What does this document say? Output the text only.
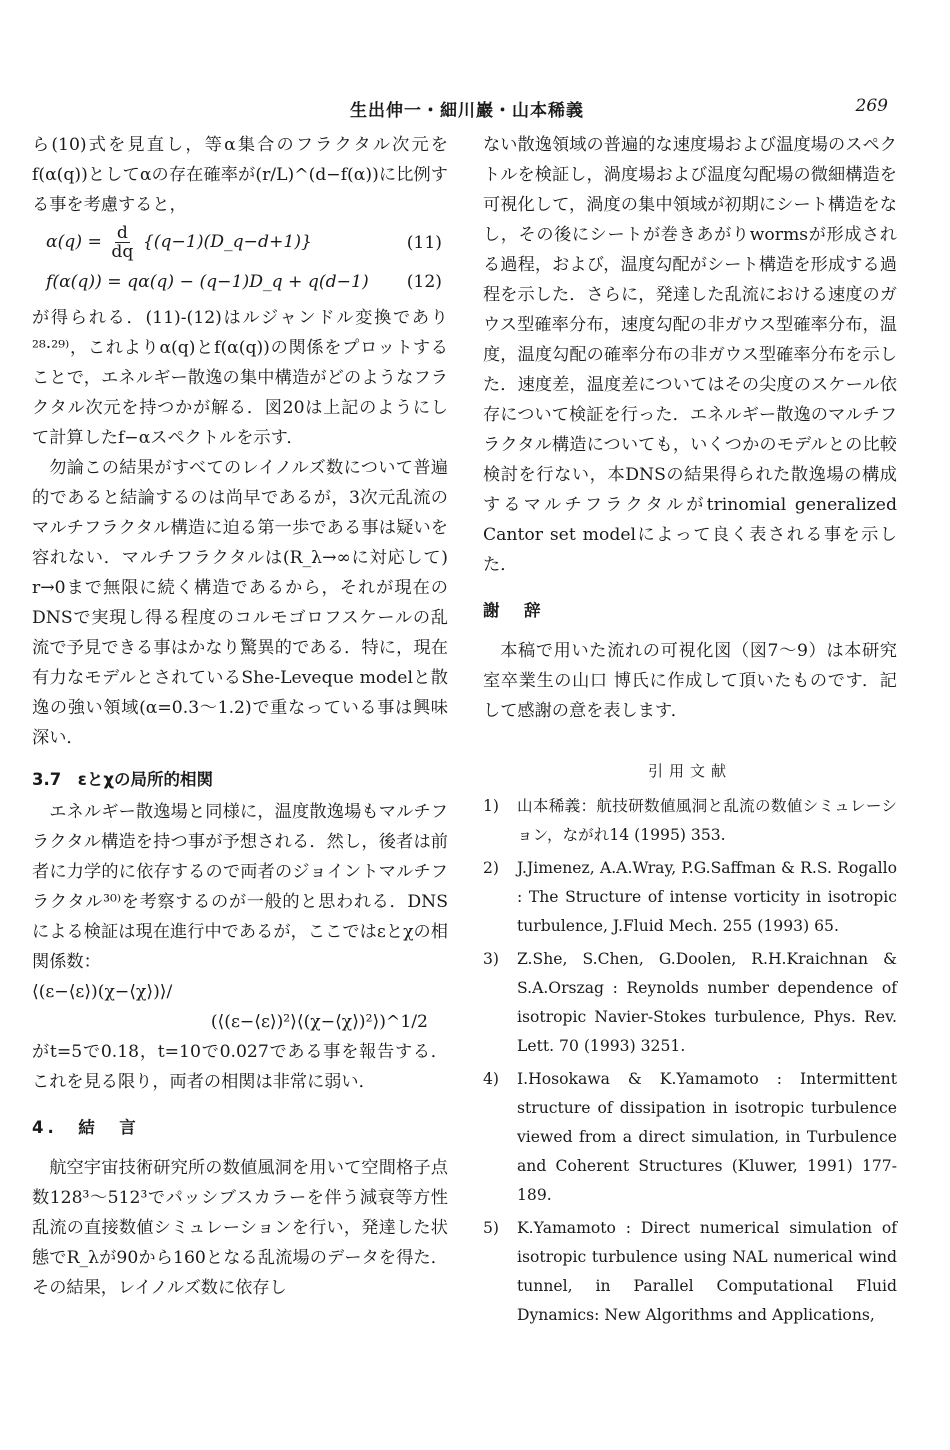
生出伸一・細川巖・山本稀義	269

ら(10)式を見直し，等α集合のフラクタル次元をf(α(q))としてαの存在確率が(r/L)^(d−f(α))に比例する事を考慮すると，

$\alpha(q) = \frac{d}{dq}$ {(q−1)(D_q−d+1)}	(11)
f(α(q)) = qα(q) − (q−1)D_q + q(d−1) (12)

が得られる．(11)-(12)はルジャンドル変換であり²⁸·²⁹⁾，これよりα(q)とf(α(q))の関係をプロットすることで，エネルギー散逸の集中構造がどのようなフラクタル次元を持つかが解る．図20は上記のようにして計算したf−αスペクトルを示す．

勿論この結果がすべてのレイノルズ数について普遍的であると結論するのは尚早であるが，3次元乱流のマルチフラクタル構造に迫る第一歩である事は疑いを容れない．マルチフラクタルは(R_λ→∞に対応して) r→0まで無限に続く構造であるから，それが現在のDNSで実現し得る程度のコルモゴロフスケールの乱流で予見できる事はかなり驚異的である．特に，現在有力なモデルとされているShe-Leveque modelと散逸の強い領域(α=0.3〜1.2)で重なっている事は興味深い．

3.7　εとχの局所的相関

エネルギー散逸場と同様に，温度散逸場もマルチフラクタル構造を持つ事が予想される．然し，後者は前者に力学的に依存するので両者のジョイントマルチフラクタル³⁰⁾を考察するのが一般的と思われる．DNSによる検証は現在進行中であるが，ここではεとχの相関係数：

⟨(ε−⟨ε⟩)(χ−⟨χ⟩)⟩/
(⟨(ε−⟨ε⟩)²⟩⟨(χ−⟨χ⟩)²⟩)^1/2

がt=5で0.18，t=10で0.027である事を報告する．これを見る限り，両者の相関は非常に弱い．

4.　結　言

航空宇宙技術研究所の数値風洞を用いて空間格子点数128³〜512³でパッシブスカラーを伴う減衰等方性乱流の直接数値シミュレーションを行い，発達した状態でR_λが90から160となる乱流場のデータを得た．その結果，レイノルズ数に依存し

ない散逸領域の普遍的な速度場および温度場のスペクトルを検証し，渦度場および温度勾配場の微細構造を可視化して，渦度の集中領域が初期にシート構造をなし，その後にシートが巻きあがりwormsが形成される過程，および，温度勾配がシート構造を形成する過程を示した．さらに，発達した乱流における速度のガウス型確率分布，速度勾配の非ガウス型確率分布，温度，温度勾配の確率分布の非ガウス型確率分布を示した．速度差，温度差についてはその尖度のスケール依存について検証を行った．エネルギー散逸のマルチフラクタル構造についても，いくつかのモデルとの比較検討を行ない，本DNSの結果得られた散逸場の構成するマルチフラクタルがtrinomial generalized Cantor set modelによって良く表される事を示した．

謝　辞

本稿で用いた流れの可視化図（図7〜9）は本研究室卒業生の山口 博氏に作成して頂いたものです．記して感謝の意を表します．

引用文献
1)	山本稀義：航技研数値風洞と乱流の数値シミュレーション，ながれ14 (1995) 353.
2)	J.Jimenez, A.A.Wray, P.G.Saffman & R.S. Rogallo : The Structure of intense vorticity in isotropic turbulence, J.Fluid Mech. 255 (1993) 65.
3)	Z.She, S.Chen, G.Doolen, R.H.Kraichnan & S.A.Orszag : Reynolds number dependence of isotropic Navier-Stokes turbulence, Phys. Rev. Lett. 70 (1993) 3251.
4)	I.Hosokawa & K.Yamamoto : Intermittent structure of dissipation in isotropic turbulence viewed from a direct simulation, in Turbulence and Coherent Structures (Kluwer, 1991) 177-189.
5)	K.Yamamoto : Direct numerical simulation of isotropic turbulence using NAL numerical wind tunnel, in Parallel Computational Fluid Dynamics: New Algorithms and Applications,
